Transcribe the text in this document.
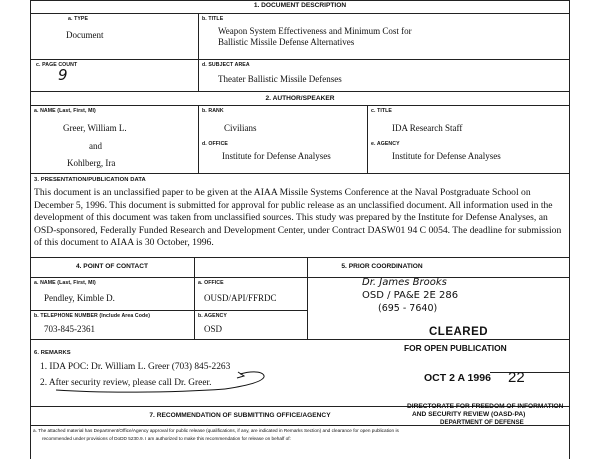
1. DOCUMENT DESCRIPTION
a. TYPE
Document
b. TITLE
Weapon System Effectiveness and Minimum Cost for
Ballistic Missile Defense Alternatives
c. PAGE COUNT
9
d. SUBJECT AREA
Theater Ballistic Missile Defenses
2. AUTHOR/SPEAKER
a. NAME (Last, First, MI)
Greer, William L.
and
Kohlberg, Ira
b. RANK
Civilians
c. TITLE
IDA Research Staff
d. OFFICE
Institute for Defense Analyses
e. AGENCY
Institute for Defense Analyses
3. PRESENTATION/PUBLICATION DATA
This document is an unclassified paper to be given at the AIAA Missile Systems Conference at the Naval Postgraduate School on December 5, 1996. This document is submitted for approval for public release as an unclassified document. All information used in the development of this document was taken from unclassified sources. This study was prepared by the Institute for Defense Analyses, an OSD-sponsored, Federally Funded Research and Development Center, under Contract DASW01 94 C 0054. The deadline for submission of this document to AIAA is 30 October, 1996.
4. POINT OF CONTACT
a. NAME (Last, First, MI)
Pendley, Kimble D.
b. TELEPHONE NUMBER (Include Area Code)
703-845-2361
5. PRIOR COORDINATION
a. OFFICE
OUSD/API/FFRDC
b. AGENCY
OSD
Dr. James Brooks
OSD / PA&E 2E 286
(695 - 7640)
CLEARED
FOR OPEN PUBLICATION
OCT 2 A 1996 22
DIRECTORATE FOR FREEDOM OF INFORMATION
AND SECURITY REVIEW (OASD-PA)
DEPARTMENT OF DEFENSE
6. REMARKS
1. IDA POC: Dr. William L. Greer (703) 845-2263
2. After security review, please call Dr. Greer.
7. RECOMMENDATION OF SUBMITTING OFFICE/AGENCY
a. The attached material has Department/Office/Agency approval for public release (qualifications, if any, are indicated in Remarks Section) and clearance for open publication is
recommended under provisions of DoDD 5230.9. I am authorized to make this recommendation for release on behalf of:
